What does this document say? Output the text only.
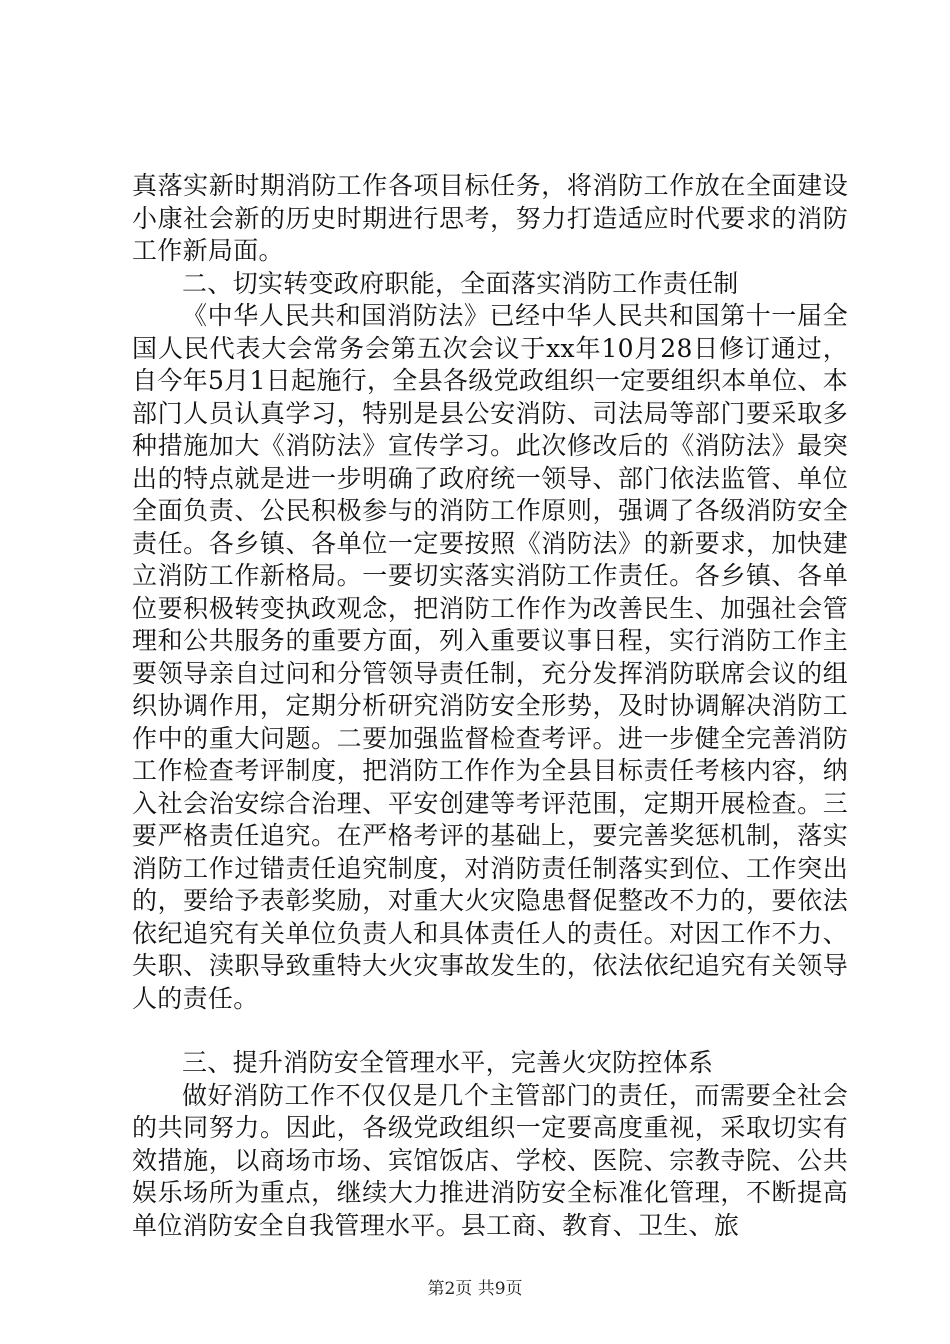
真落实新时期消防工作各项目标任务，将消防工作放在全面建设小康社会新的历史时期进行思考，努力打造适应时代要求的消防工作新局面。

二、切实转变政府职能，全面落实消防工作责任制

《中华人民共和国消防法》已经中华人民共和国第十一届全国人民代表大会常务会第五次会议于xx年10月28日修订通过，自今年5月1日起施行，全县各级党政组织一定要组织本单位、本部门人员认真学习，特别是县公安消防、司法局等部门要采取多种措施加大《消防法》宣传学习。此次修改后的《消防法》最突出的特点就是进一步明确了政府统一领导、部门依法监管、单位全面负责、公民积极参与的消防工作原则，强调了各级消防安全责任。各乡镇、各单位一定要按照《消防法》的新要求，加快建立消防工作新格局。一要切实落实消防工作责任。各乡镇、各单位要积极转变执政观念，把消防工作作为改善民生、加强社会管理和公共服务的重要方面，列入重要议事日程，实行消防工作主要领导亲自过问和分管领导责任制，充分发挥消防联席会议的组织协调作用，定期分析研究消防安全形势，及时协调解决消防工作中的重大问题。二要加强监督检查考评。进一步健全完善消防工作检查考评制度，把消防工作作为全县目标责任考核内容，纳入社会治安综合治理、平安创建等考评范围，定期开展检查。三要严格责任追究。在严格考评的基础上，要完善奖惩机制，落实消防工作过错责任追究制度，对消防责任制落实到位、工作突出的，要给予表彰奖励，对重大火灾隐患督促整改不力的，要依法依纪追究有关单位负责人和具体责任人的责任。对因工作不力、失职、渎职导致重特大火灾事故发生的，依法依纪追究有关领导人的责任。

三、提升消防安全管理水平，完善火灾防控体系

做好消防工作不仅仅是几个主管部门的责任，而需要全社会的共同努力。因此，各级党政组织一定要高度重视，采取切实有效措施，以商场市场、宾馆饭店、学校、医院、宗教寺院、公共娱乐场所为重点，继续大力推进消防安全标准化管理，不断提高单位消防安全自我管理水平。县工商、教育、卫生、旅

第2页 共9页
